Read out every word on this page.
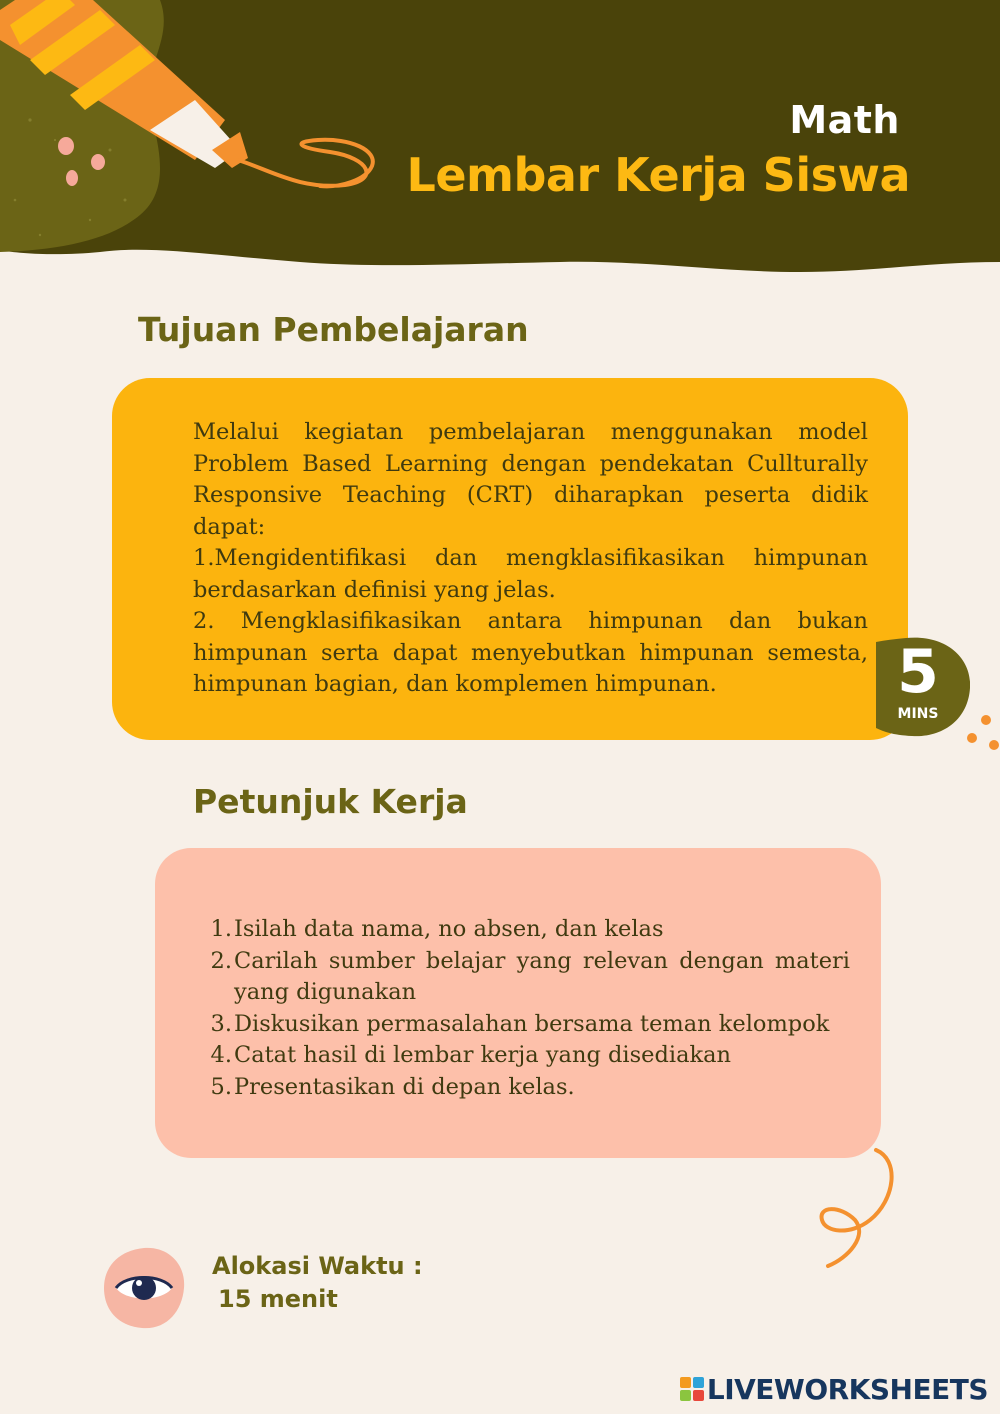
Math
Lembar Kerja Siswa
Tujuan Pembelajaran

Melalui kegiatan pembelajaran menggunakan model Problem Based Learning dengan pendekatan Cullturally Responsive Teaching (CRT) diharapkan peserta didik dapat:

1.Mengidentifikasi dan mengklasifikasikan himpunan berdasarkan definisi yang jelas.

2. Mengklasifikasikan antara himpunan dan bukan himpunan serta dapat menyebutkan himpunan semesta, himpunan bagian, dan komplemen himpunan.	5
MINS
Petunjuk Kerja
1. Isilah data nama, no absen, dan kelas
2. Carilah sumber belajar yang relevan dengan materi yang digunakan
3. Diskusikan permasalahan bersama teman kelompok
4. Catat hasil di lembar kerja yang disediakan
5. Presentasikan di depan kelas.
Alokasi Waktu :
15 menit
LIVEWORKSHEETS
